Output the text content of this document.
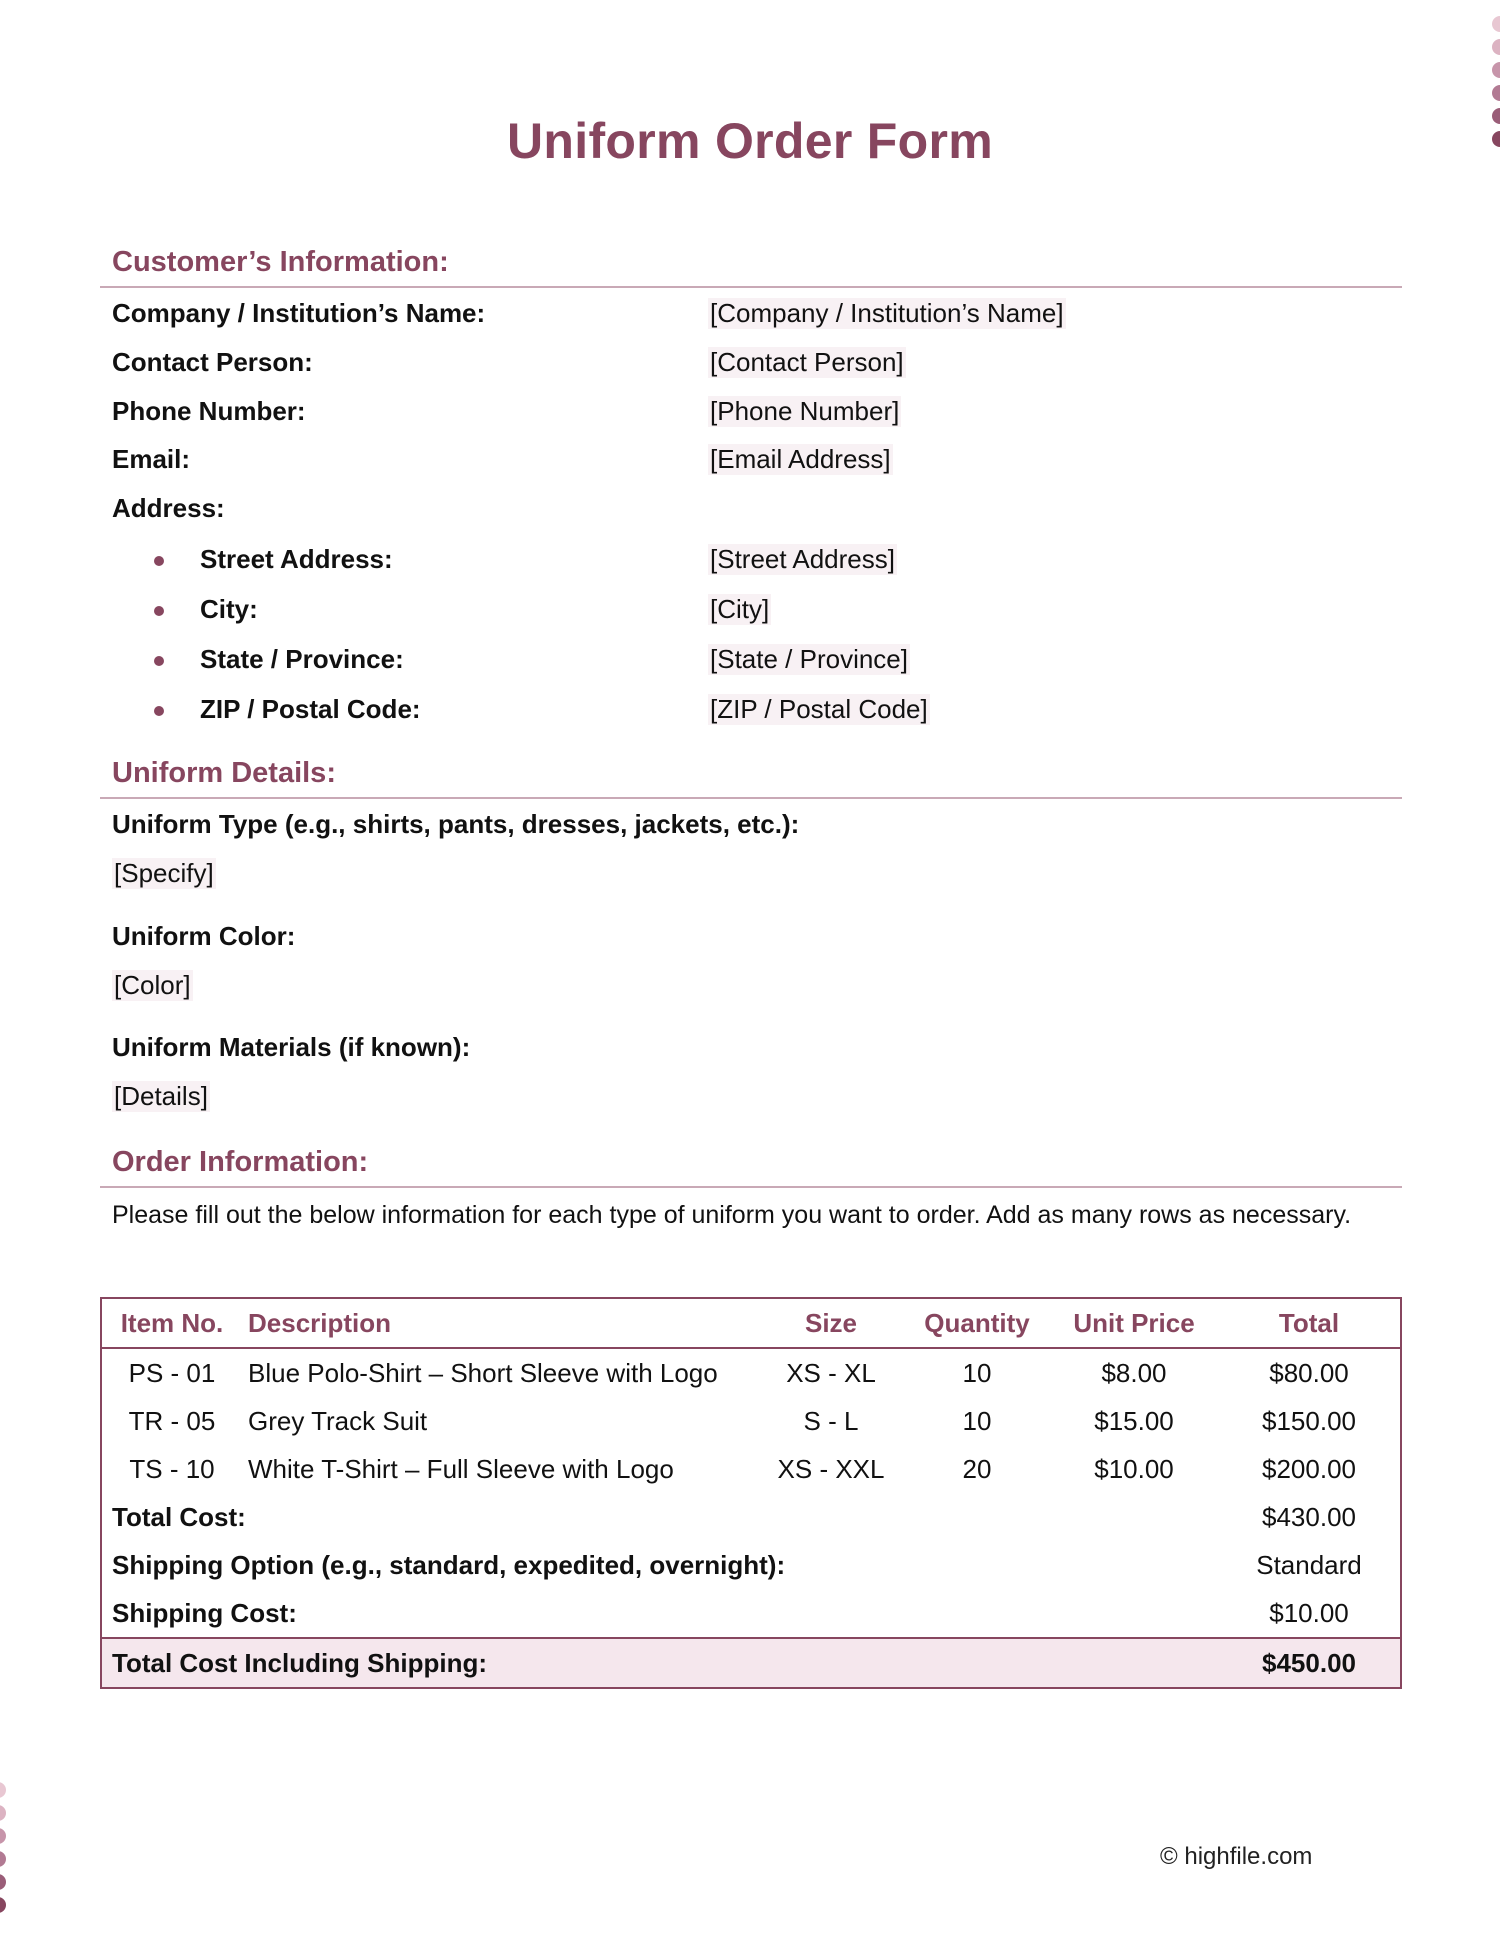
Uniform Order Form
Customer’s Information:
Company / Institution’s Name:	[Company / Institution’s Name]
Contact Person:	[Contact Person]
Phone Number:	[Phone Number]
Email:	[Email Address]
Address:
Street Address:	[Street Address]
City:	[City]
State / Province:	[State / Province]
ZIP / Postal Code:	[ZIP / Postal Code]
Uniform Details:
Uniform Type (e.g., shirts, pants, dresses, jackets, etc.):
[Specify]
Uniform Color:
[Color]
Uniform Materials (if known):
[Details]
Order Information:
Please fill out the below information for each type of uniform you want to order. Add as many rows as necessary.
Item No.	Description	Size	Quantity	Unit Price	Total
PS - 01	Blue Polo-Shirt – Short Sleeve with Logo	XS - XL	10	$8.00	$80.00
TR - 05	Grey Track Suit	S - L	10	$15.00	$150.00
TS - 10	White T-Shirt – Full Sleeve with Logo	XS - XXL	20	$10.00	$200.00
Total Cost:					$430.00
Shipping Option (e.g., standard, expedited, overnight):					Standard
Shipping Cost:					$10.00
Total Cost Including Shipping:					$450.00
© highfile.com
